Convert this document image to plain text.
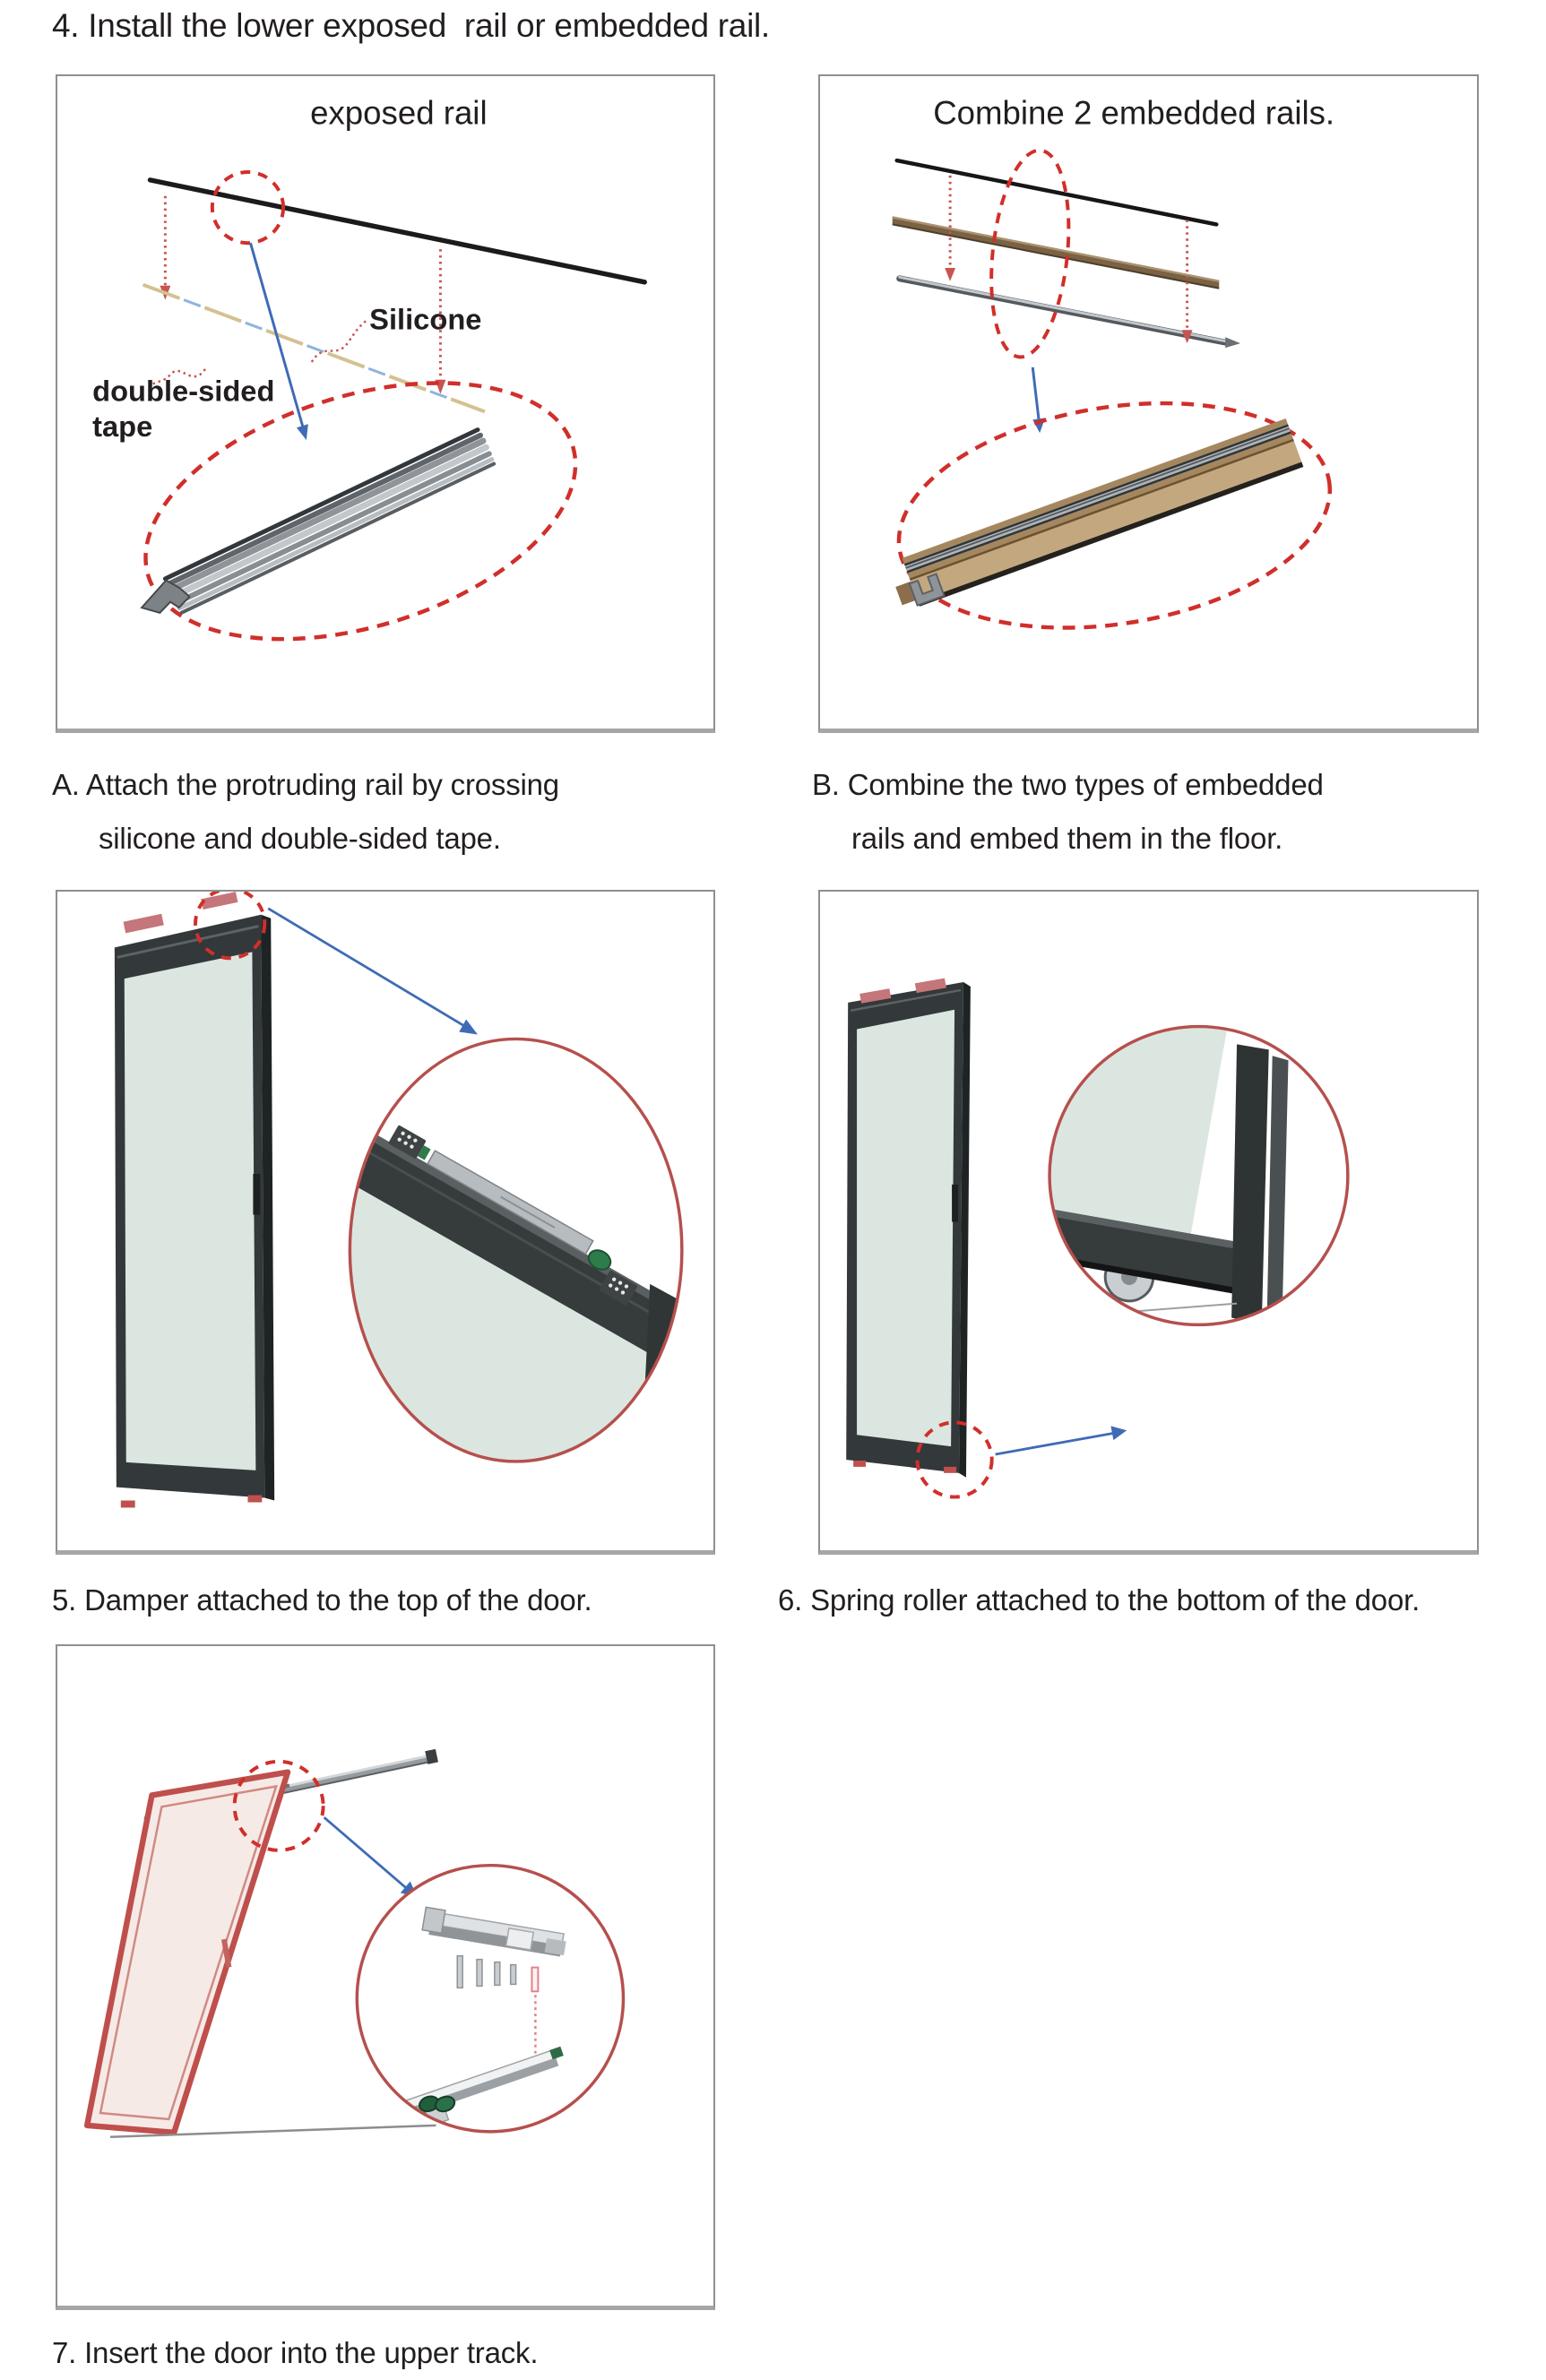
4. Install the lower exposed  rail or embedded rail.
exposed rail
Silicone
double-sided
tape
Combine 2 embedded rails.
A. Attach the protruding rail by crossing
silicone and double-sided tape.
B. Combine the two types of embedded
rails and embed them in the floor.
5. Damper attached to the top of the door.	6. Spring roller attached to the bottom of the door.
7. Insert the door into the upper track.
